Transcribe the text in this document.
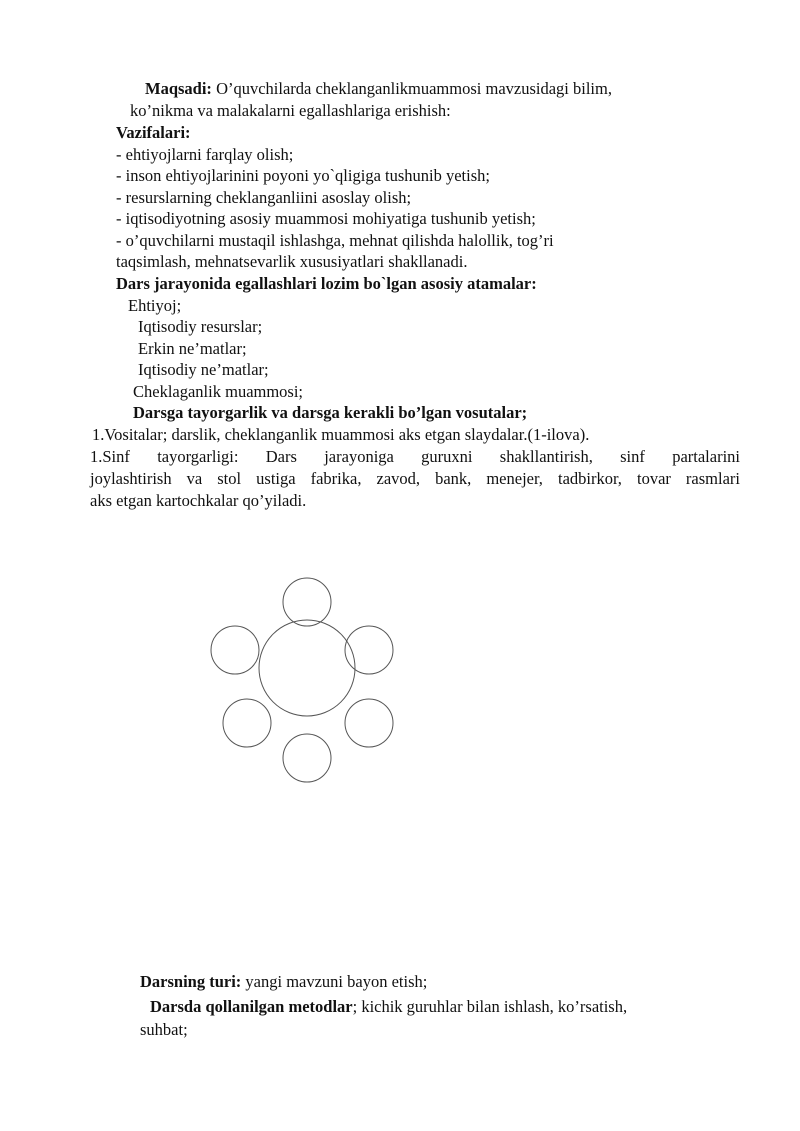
Maqsadi: O’quvchilarda cheklanganlikmuammosi mavzusidagi bilim,
ko’nikma va malakalarni egallashlariga erishish:
Vazifalari:
- ehtiyojlarni farqlay olish;
- inson ehtiyojlarinini poyoni yo`qligiga tushunib yetish;
- resurslarning cheklanganliini asoslay olish;
- iqtisodiyotning asosiy muammosi mohiyatiga tushunib yetish;
- o’quvchilarni mustaqil ishlashga, mehnat qilishda halollik, tog’ri
taqsimlash, mehnatsevarlik xususiyatlari shakllanadi.
Dars jarayonida egallashlari lozim bo`lgan asosiy atamalar:
Ehtiyoj;
Iqtisodiy resurslar;
Erkin ne’matlar;
Iqtisodiy ne’matlar;
Cheklaganlik muammosi;
Darsga tayorgarlik va darsga kerakli bo’lgan vosutalar;
1.Vositalar; darslik, cheklanganlik muammosi aks etgan slaydalar.(1-ilova).
1.Sinf tayorgarligi: Dars jarayoniga guruxni shakllantirish, sinf partalarini
joylashtirish va stol ustiga fabrika, zavod, bank, menejer, tadbirkor, tovar rasmlari
aks etgan kartochkalar qo’yiladi.
Darsning turi: yangi mavzuni bayon etish;
Darsda qollanilgan metodlar; kichik guruhlar bilan ishlash, ko’rsatish,
suhbat;
